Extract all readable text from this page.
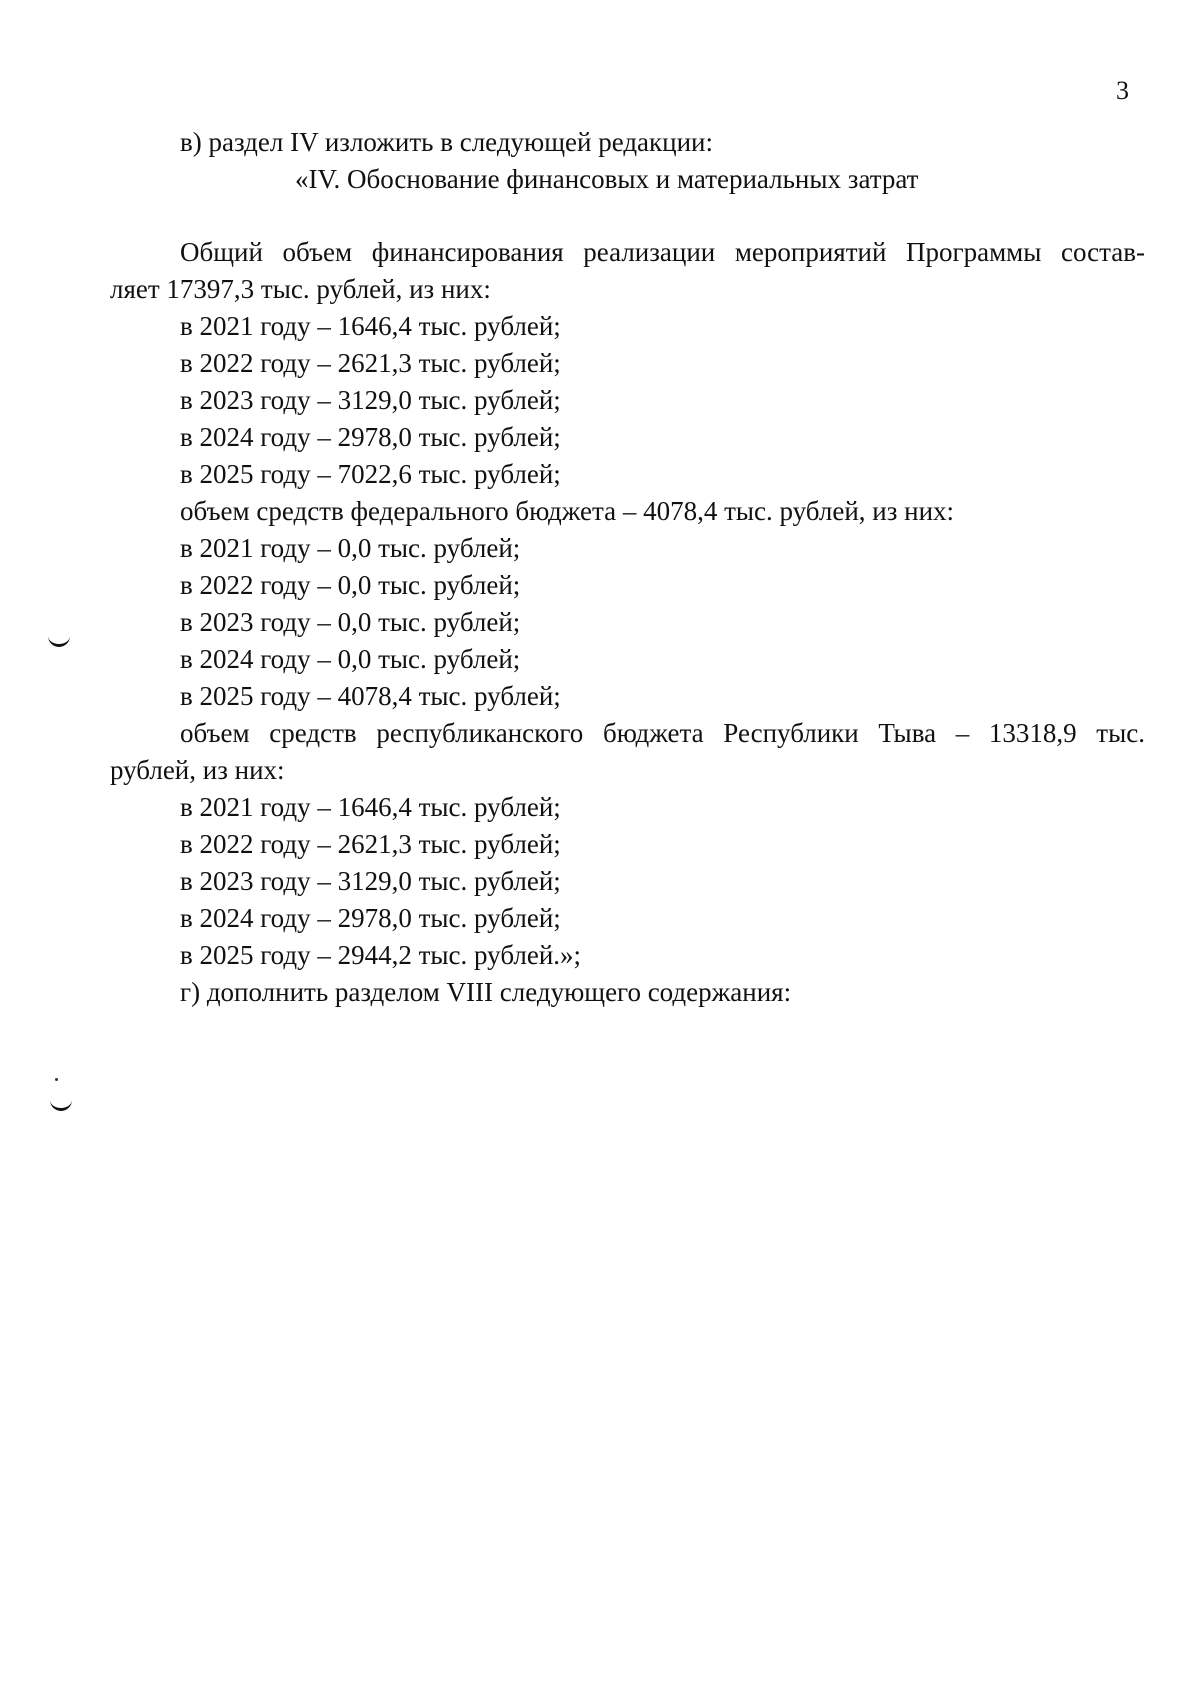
3
в) раздел IV изложить в следующей редакции:
«IV. Обоснование финансовых и материальных затрат
Общий объем финансирования реализации мероприятий Программы состав-
ляет 17397,3 тыс. рублей, из них:
в 2021 году – 1646,4 тыс. рублей;
в 2022 году – 2621,3 тыс. рублей;
в 2023 году – 3129,0 тыс. рублей;
в 2024 году – 2978,0 тыс. рублей;
в 2025 году – 7022,6 тыс. рублей;
объем средств федерального бюджета – 4078,4 тыс. рублей, из них:
в 2021 году – 0,0 тыс. рублей;
в 2022 году – 0,0 тыс. рублей;
в 2023 году – 0,0 тыс. рублей;
в 2024 году – 0,0 тыс. рублей;
в 2025 году – 4078,4 тыс. рублей;
объем средств республиканского бюджета Республики Тыва – 13318,9 тыс.
рублей, из них:
в 2021 году – 1646,4 тыс. рублей;
в 2022 году – 2621,3 тыс. рублей;
в 2023 году – 3129,0 тыс. рублей;
в 2024 году – 2978,0 тыс. рублей;
в 2025 году – 2944,2 тыс. рублей.»;
г) дополнить разделом VIII следующего содержания:
